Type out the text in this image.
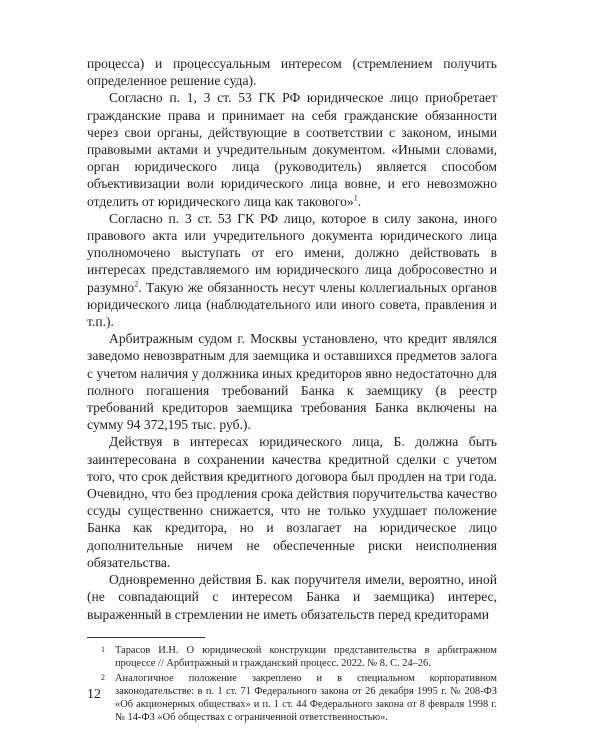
процесса) и процессуальным интересом (стремлением получить определенное решение суда).

Согласно п. 1, 3 ст. 53 ГК РФ юридическое лицо приобретает гражданские права и принимает на себя гражданские обязанности через свои органы, действующие в соответствии с законом, иными правовыми актами и учредительным документом. «Иными словами, орган юридического лица (руководитель) является способом объективизации воли юридического лица вовне, и его невозможно отделить от юридического лица как такового»$^1$.

Согласно п. 3 ст. 53 ГК РФ лицо, которое в силу закона, иного правового акта или учредительного документа юридического лица уполномочено выступать от его имени, должно действовать в интересах представляемого им юридического лица добросовестно и разумно$^2$. Такую же обязанность несут члены коллегиальных органов юридического лица (наблюдательного или иного совета, правления и т.п.).

Арбитражным судом г. Москвы установлено, что кредит являлся заведомо невозвратным для заемщика и оставшихся предметов залога с учетом наличия у должника иных кредиторов явно недостаточно для полного погашения требований Банка к заемщику (в реестр требований кредиторов заемщика требования Банка включены на сумму 94 372,195 тыс. руб.).

Действуя в интересах юридического лица, Б. должна быть заинтересована в сохранении качества кредитной сделки с учетом того, что срок действия кредитного договора был продлен на три года. Очевидно, что без продления срока действия поручительства качество ссуды существенно снижается, что не только ухудшает положение Банка как кредитора, но и возлагает на юридическое лицо дополнительные ничем не обеспеченные риски неисполнения обязательства.

Одновременно действия Б. как поручителя имели, вероятно, иной (не совпадающий с интересом Банка и заемщика) интерес, выраженный в стремлении не иметь обязательств перед кредиторами

1 Тарасов И.Н. О юридической конструкции представительства в арбитражном процессе // Арбитражный и гражданский процесс. 2022. № 8. С. 24–26.

2 Аналогичное положение закреплено и в специальном корпоративном законодательстве: в п. 1 ст. 71 Федерального закона от 26 декабря 1995 г. № 208-ФЗ «Об акционерных обществах» и п. 1 ст. 44 Федерального закона от 8 февраля 1998 г. № 14-ФЗ «Об обществах с ограниченной ответственностью».

12
